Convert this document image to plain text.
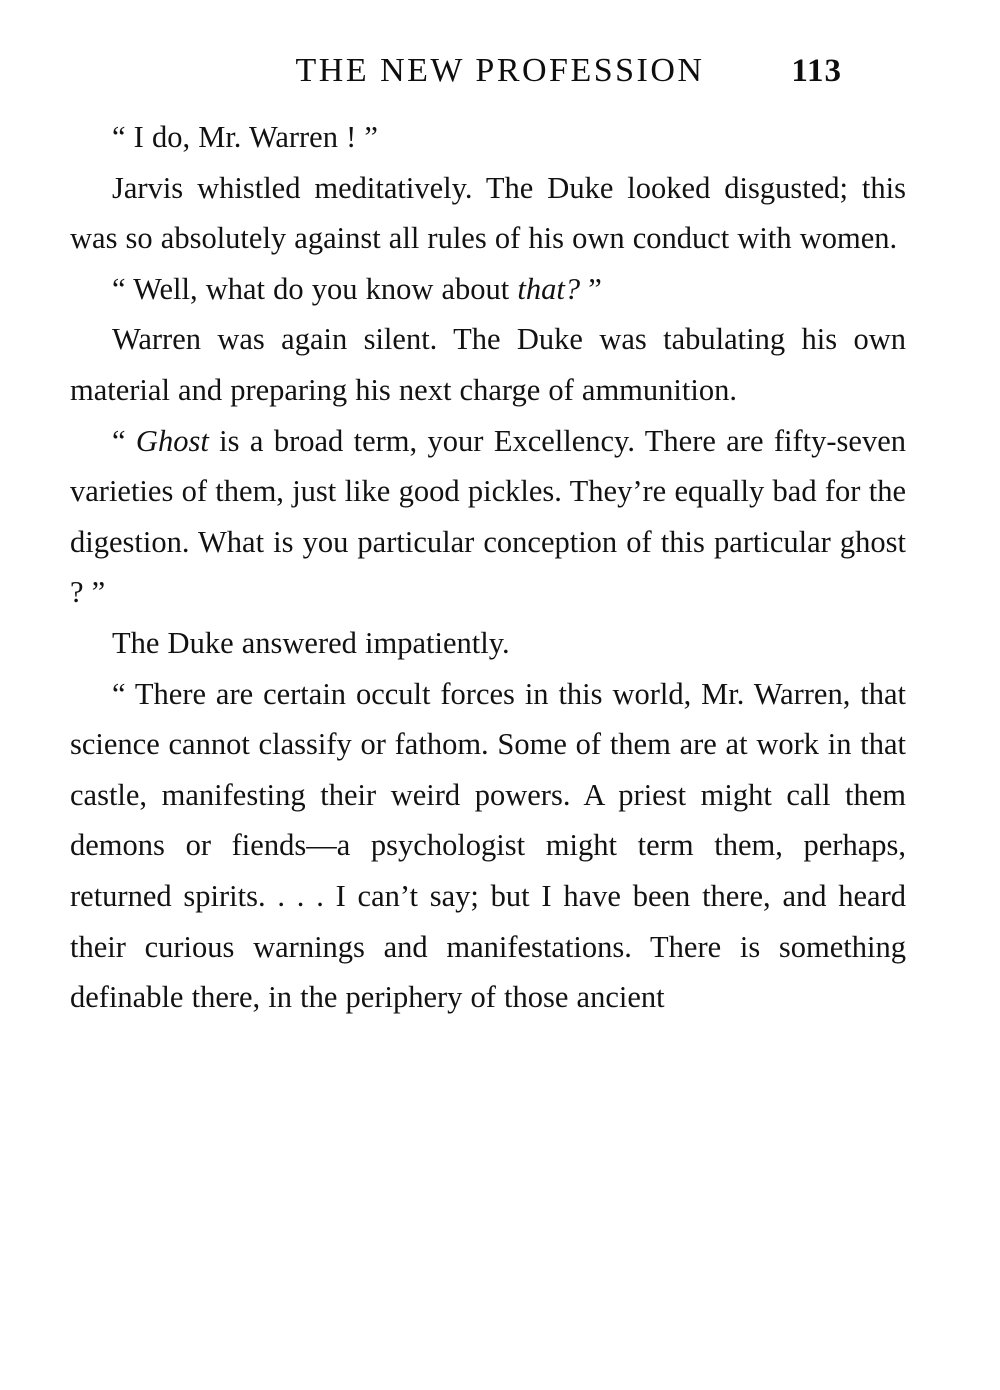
THE NEW PROFESSION	113

“ I do, Mr. Warren ! ”

Jarvis whistled meditatively. The Duke looked disgusted; this was so absolutely against all rules of his own conduct with women.

“ Well, what do you know about that? ”

Warren was again silent. The Duke was tabulating his own material and preparing his next charge of ammunition.

“ Ghost is a broad term, your Excellency. There are fifty-seven varieties of them, just like good pickles. They’re equally bad for the digestion. What is you particular conception of this particular ghost ? ”

The Duke answered impatiently.

“ There are certain occult forces in this world, Mr. Warren, that science cannot classify or fathom. Some of them are at work in that castle, manifesting their weird powers. A priest might call them demons or fiends—a psychologist might term them, perhaps, returned spirits. . . . I can’t say; but I have been there, and heard their curious warnings and manifestations. There is something definable there, in the periphery of those ancient
